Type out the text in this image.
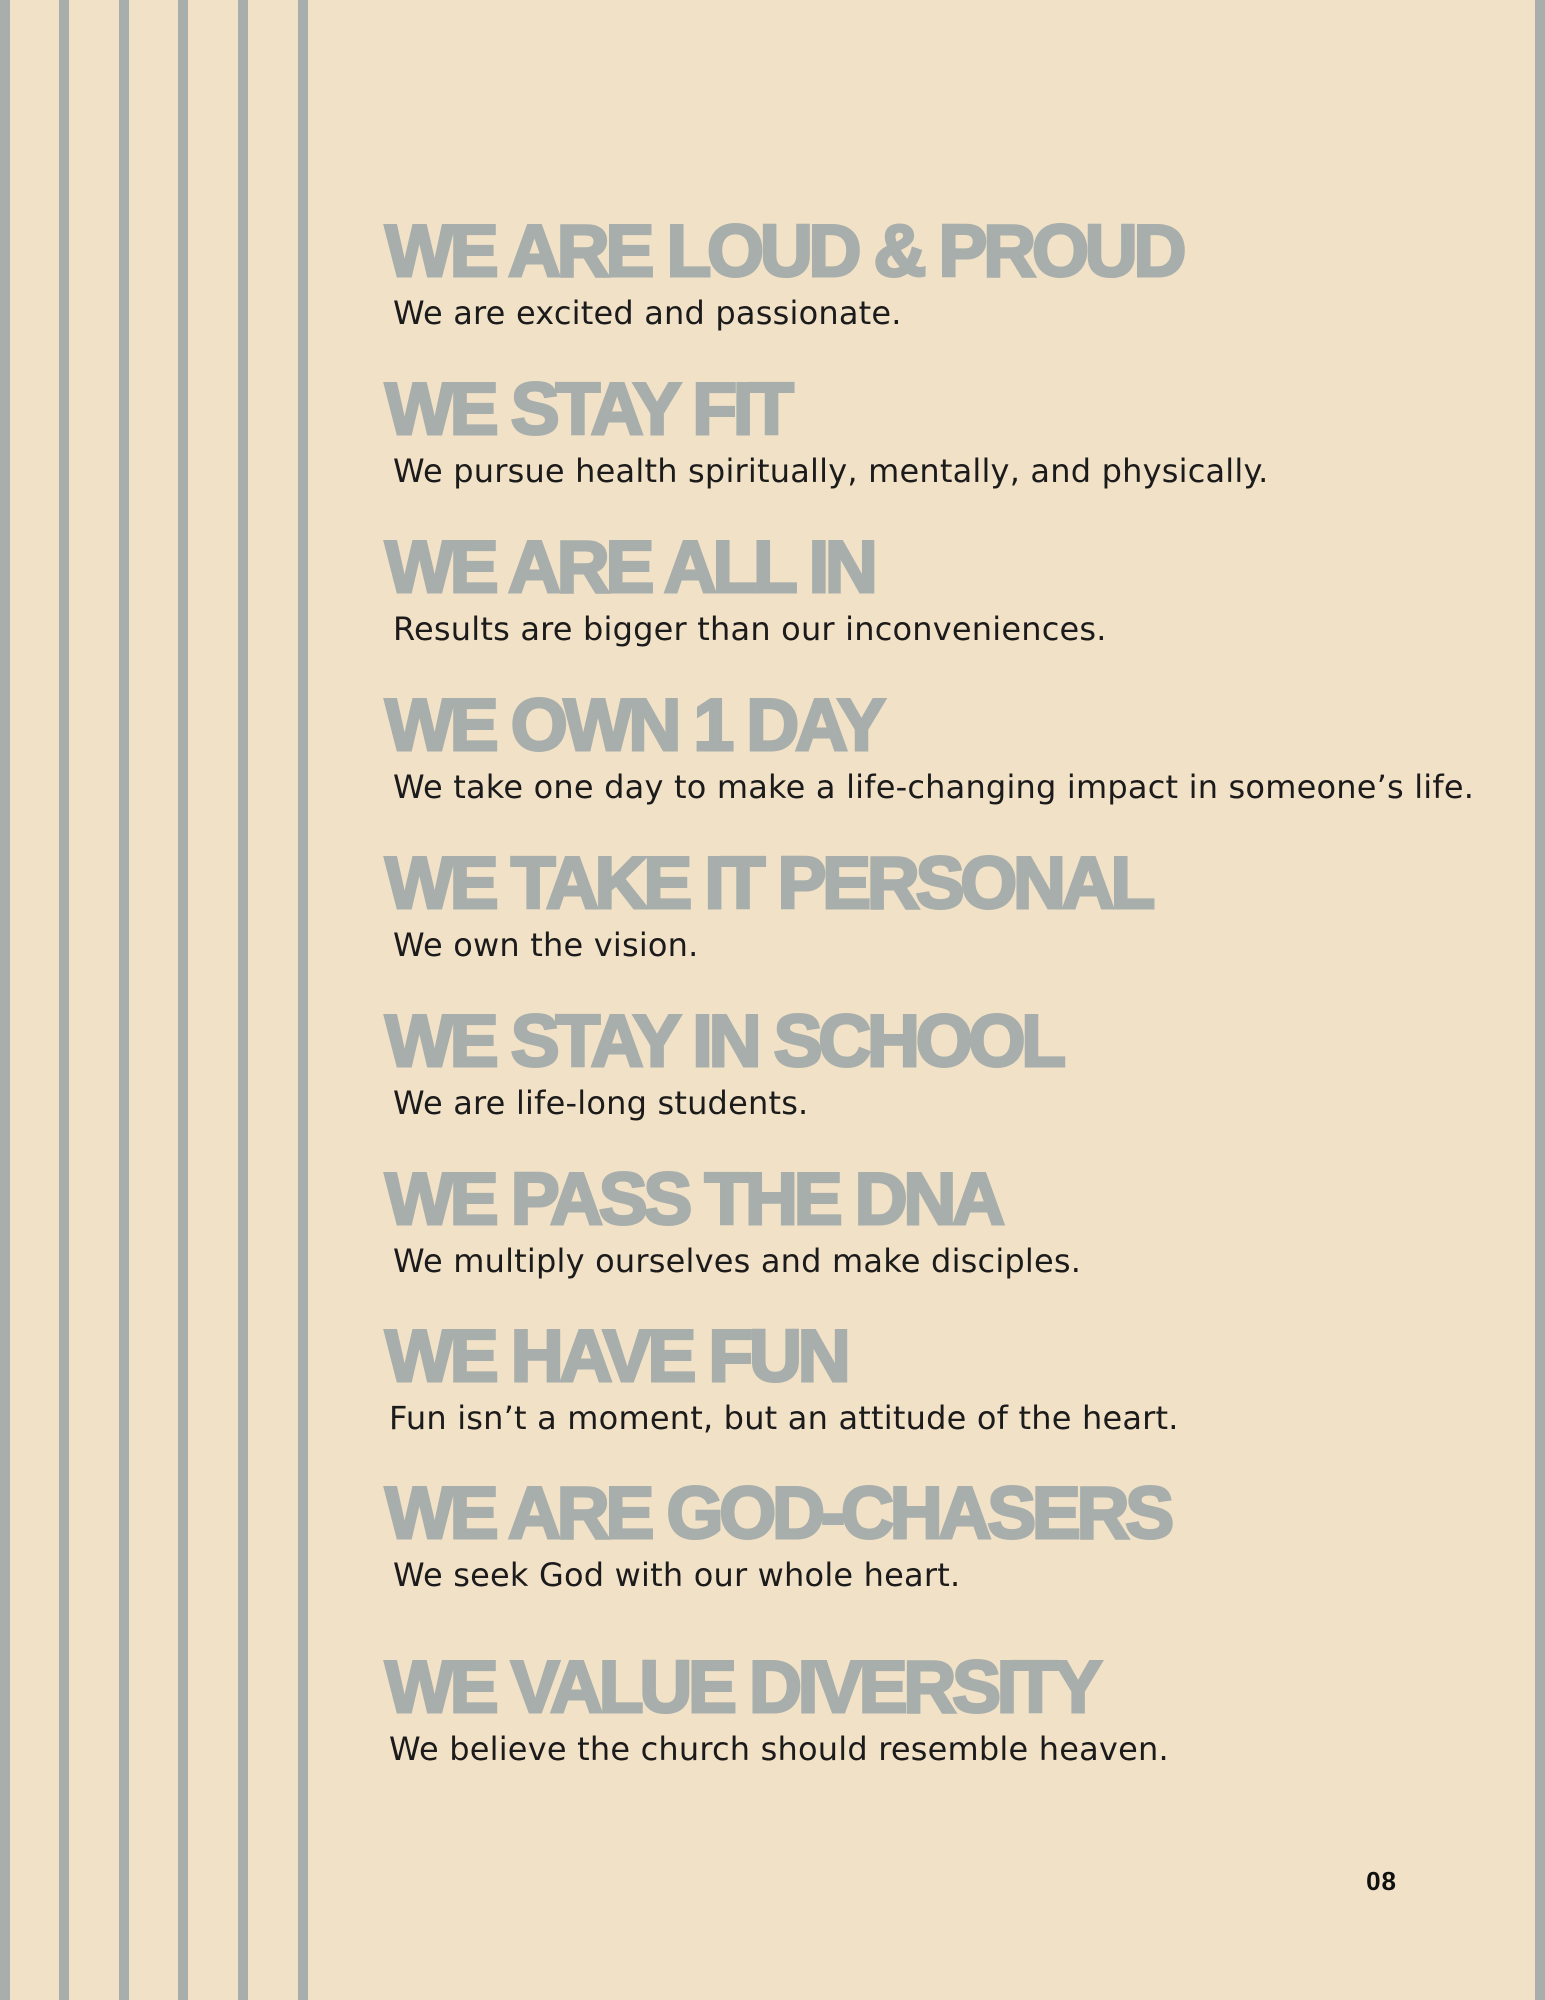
WE ARE LOUD & PROUD

We are excited and passionate.

WE STAY FIT

We pursue health spiritually, mentally, and physically.

WE ARE ALL IN

Results are bigger than our inconveniences.

WE OWN 1 DAY

We take one day to make a life-changing impact in someone’s life.

WE TAKE IT PERSONAL

We own the vision.

WE STAY IN SCHOOL

We are life-long students.

WE PASS THE DNA

We multiply ourselves and make disciples.

WE HAVE FUN

Fun isn’t a moment, but an attitude of the heart.

WE ARE GOD-CHASERS

We seek God with our whole heart.

WE VALUE DIVERSITY

We believe the church should resemble heaven.

08
